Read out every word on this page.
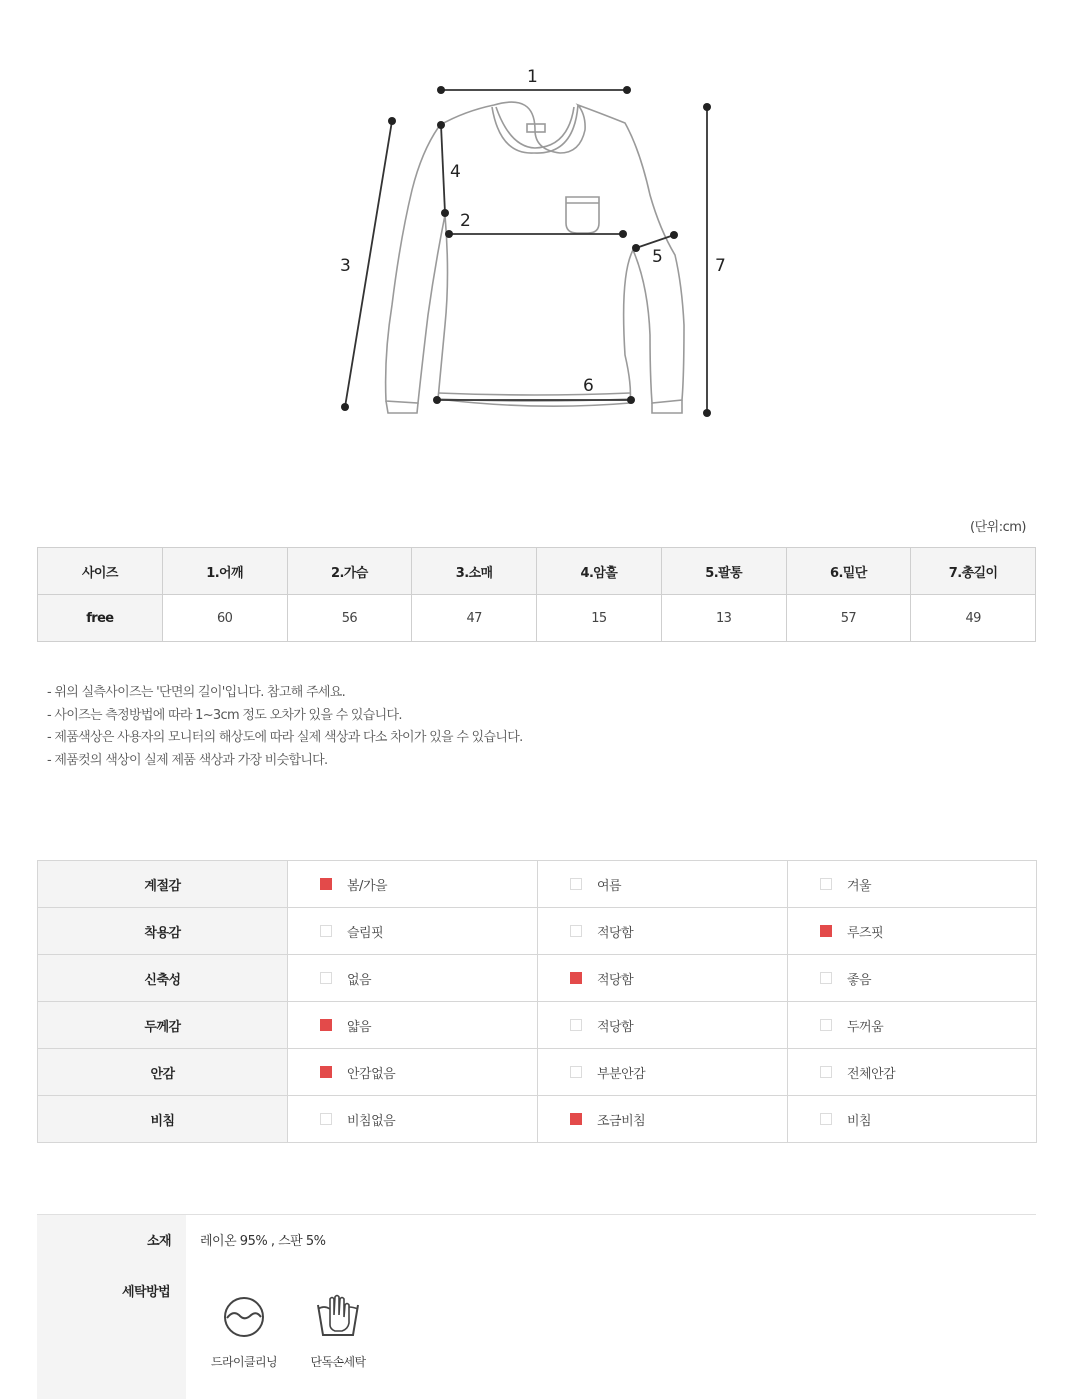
1
2
3
4
5
6
7
(단위:cm)
사이즈	1.어깨	2.가슴	3.소매	4.암홀	5.팔통	6.밑단	7.총길이
free	60	56	47	15	13	57	49
- 위의 실측사이즈는 '단면의 길이'입니다. 참고해 주세요.
- 사이즈는 측정방법에 따라 1~3cm 정도 오차가 있을 수 있습니다.
- 제품색상은 사용자의 모니터의 해상도에 따라 실제 색상과 다소 차이가 있을 수 있습니다.
- 제품컷의 색상이 실제 제품 색상과 가장 비슷합니다.
계절감	봄/가을	여름	겨울
착용감	슬림핏	적당함	루즈핏
신축성	없음	적당함	좋음
두께감	얇음	적당함	두꺼움
안감	안감없음	부분안감	전체안감
비침	비침없음	조금비침	비침
소재 레이온 95% , 스판 5%
세탁방법
드라이클리닝	단독손세탁
